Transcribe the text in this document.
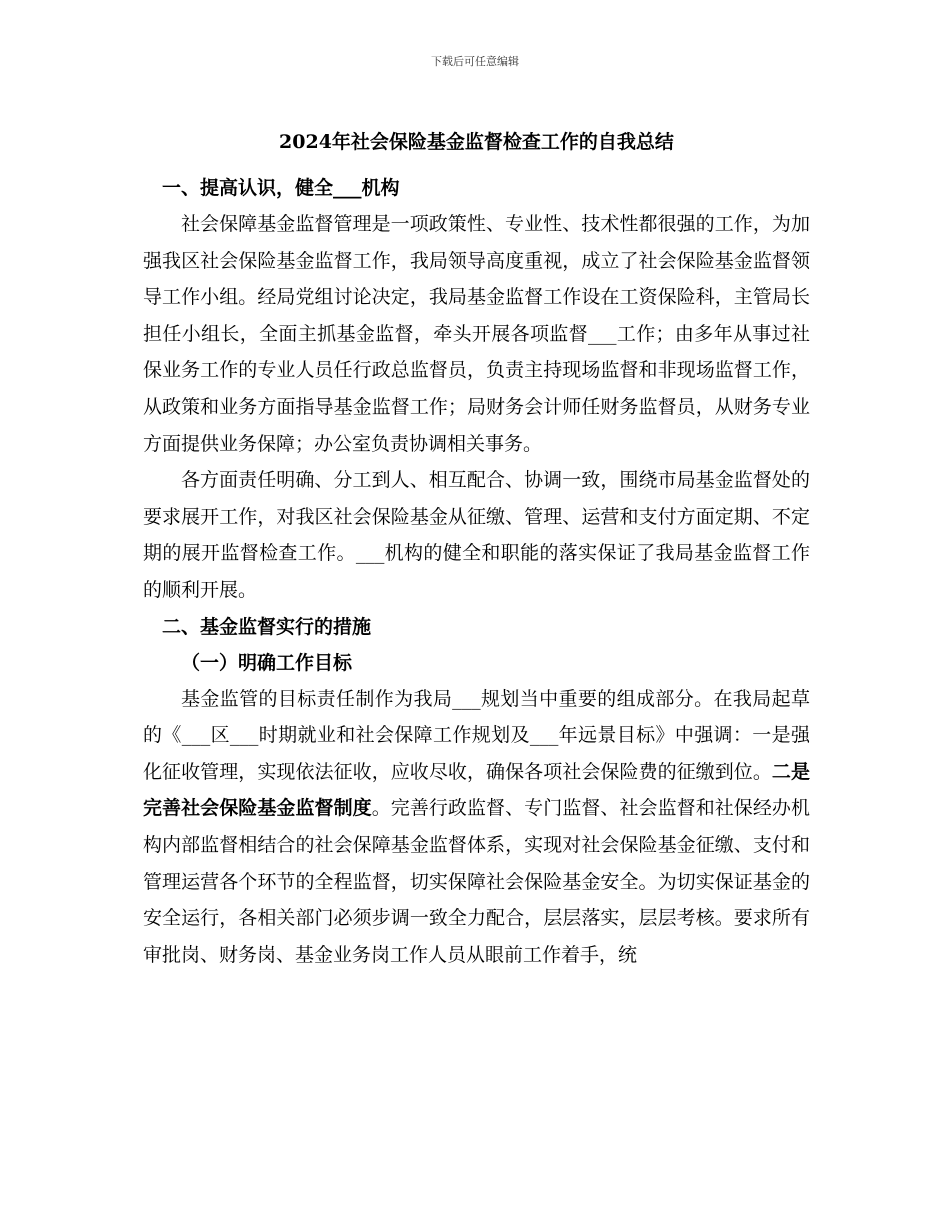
下载后可任意编辑
2024年社会保险基金监督检查工作的自我总结
一、提高认识，健全___机构

社会保障基金监督管理是一项政策性、专业性、技术性都很强的工作，为加强我区社会保险基金监督工作，我局领导高度重视，成立了社会保险基金监督领导工作小组。经局党组讨论决定，我局基金监督工作设在工资保险科，主管局长担任小组长，全面主抓基金监督，牵头开展各项监督___工作；由多年从事过社保业务工作的专业人员任行政总监督员，负责主持现场监督和非现场监督工作，从政策和业务方面指导基金监督工作；局财务会计师任财务监督员，从财务专业方面提供业务保障；办公室负责协调相关事务。

各方面责任明确、分工到人、相互配合、协调一致，围绕市局基金监督处的要求展开工作，对我区社会保险基金从征缴、管理、运营和支付方面定期、不定期的展开监督检查工作。___机构的健全和职能的落实保证了我局基金监督工作的顺利开展。

二、基金监督实行的措施
（一）明确工作目标

基金监管的目标责任制作为我局___规划当中重要的组成部分。在我局起草的《___区___时期就业和社会保障工作规划及___年远景目标》中强调：一是强化征收管理，实现依法征收，应收尽收，确保各项社会保险费的征缴到位。二是完善社会保险基金监督制度。完善行政监督、专门监督、社会监督和社保经办机构内部监督相结合的社会保障基金监督体系，实现对社会保险基金征缴、支付和管理运营各个环节的全程监督，切实保障社会保险基金安全。为切实保证基金的安全运行，各相关部门必须步调一致全力配合，层层落实，层层考核。要求所有审批岗、财务岗、基金业务岗工作人员从眼前工作着手，统
